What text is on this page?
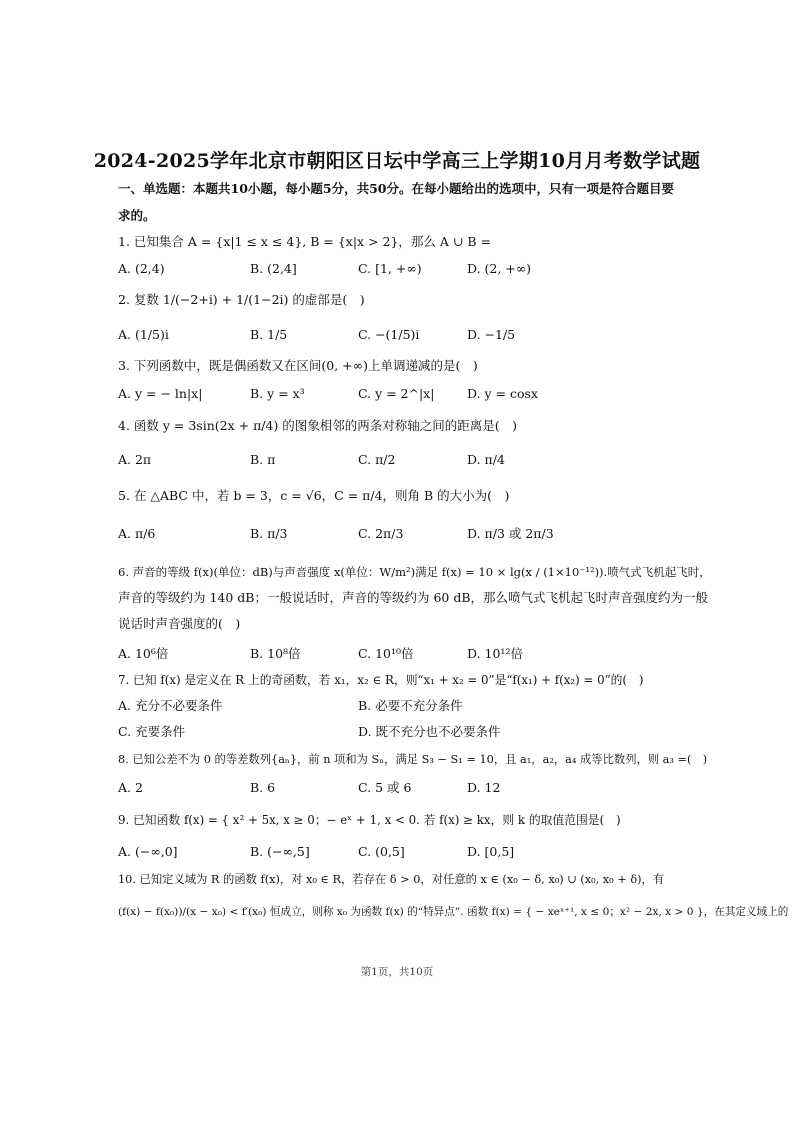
2024-2025学年北京市朝阳区日坛中学高三上学期10月月考数学试题
一、单选题：本题共10小题，每小题5分，共50分。在每小题给出的选项中，只有一项是符合题目要求的。
1. 已知集合 A = {x|1 ≤ x ≤ 4}, B = {x|x > 2}，那么 A ∪ B =
A. (2,4)	B. (2,4]	C. [1, +∞)	D. (2, +∞)
2. 复数 1/(−2+i) + 1/(1−2i) 的虚部是(　)
A. (1/5)i	B. 1/5	C. −(1/5)i	D. −1/5
3. 下列函数中，既是偶函数又在区间(0, +∞)上单调递减的是(　)
A. y = − ln|x|	B. y = x³	C. y = 2^|x|	D. y = cosx
4. 函数 y = 3sin(2x + π/4) 的图象相邻的两条对称轴之间的距离是(　)
A. 2π	B. π	C. π/2	D. π/4
5. 在 △ABC 中，若 b = 3，c = √6，C = π/4，则角 B 的大小为(　)
A. π/6	B. π/3	C. 2π/3	D. π/3 或 2π/3
6. 声音的等级 f(x)(单位：dB)与声音强度 x(单位：W/m²)满足 f(x) = 10 × lg(x / (1×10⁻¹²)).喷气式飞机起飞时，
声音的等级约为 140 dB；一般说话时，声音的等级约为 60 dB，那么喷气式飞机起飞时声音强度约为一般
说话时声音强度的(　)
A. 10⁶倍	B. 10⁸倍	C. 10¹⁰倍	D. 10¹²倍
7. 已知 f(x) 是定义在 R 上的奇函数，若 x₁，x₂ ∈ R，则“x₁ + x₂ = 0”是“f(x₁) + f(x₂) = 0”的(　)
A. 充分不必要条件	B. 必要不充分条件
C. 充要条件	D. 既不充分也不必要条件
8. 已知公差不为 0 的等差数列{aₙ}，前 n 项和为 Sₙ，满足 S₃ − S₁ = 10，且 a₁，a₂，a₄ 成等比数列，则 a₃ =(　)
A. 2	B. 6	C. 5 或 6	D. 12
9. 已知函数 f(x) = { x² + 5x, x ≥ 0；− eˣ + 1, x < 0. 若 f(x) ≥ kx，则 k 的取值范围是(　)
A. (−∞,0]	B. (−∞,5]	C. (0,5]	D. [0,5]
10. 已知定义域为 R 的函数 f(x)，对 x₀ ∈ R，若存在 δ > 0，对任意的 x ∈ (x₀ − δ, x₀) ∪ (x₀, x₀ + δ)，有
(f(x) − f(x₀))/(x − x₀) < f′(x₀) 恒成立，则称 x₀ 为函数 f(x) 的“特异点”. 函数 f(x) = { − xeˣ⁺¹, x ≤ 0；x² − 2x, x > 0 }，在其定义域上的
第1页，共10页
